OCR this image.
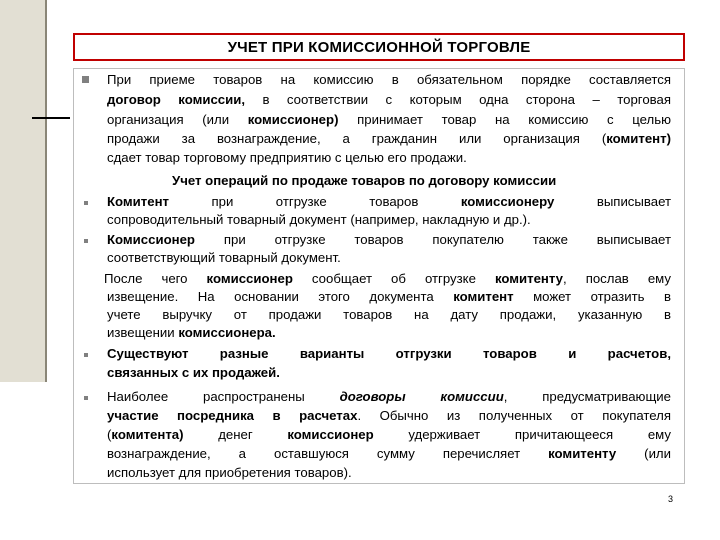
УЧЕТ ПРИ КОМИССИОННОЙ ТОРГОВЛЕ
При приеме товаров на комиссию в обязательном порядке составляется
договор комиссии, в соответствии с которым одна сторона – торговая
организация (или комиссионер) принимает товар на комиссию с целью
продажи за вознаграждение, а гражданин или организация (комитент)
сдает товар торговому предприятию с целью его продажи.
Учет операций по продаже товаров по договору комиссии
Комитент при отгрузке товаров комиссионеру выписывает
сопроводительный товарный документ (например, накладную и др.).
Комиссионер при отгрузке товаров покупателю также выписывает
соответствующий товарный документ.
После чего комиссионер сообщает об отгрузке комитенту, послав ему
извещение. На основании этого документа комитент может отразить в
учете выручку от продажи товаров на дату продажи, указанную в
извещении комиссионера.
Существуют разные варианты отгрузки товаров и расчетов,
связанных с их продажей.
Наиболее распространены договоры комиссии, предусматривающие
участие посредника в расчетах. Обычно из полученных от покупателя
(комитента) денег комиссионер удерживает причитающееся ему
вознаграждение, а оставшуюся сумму перечисляет комитенту (или
использует для приобретения товаров).
3
